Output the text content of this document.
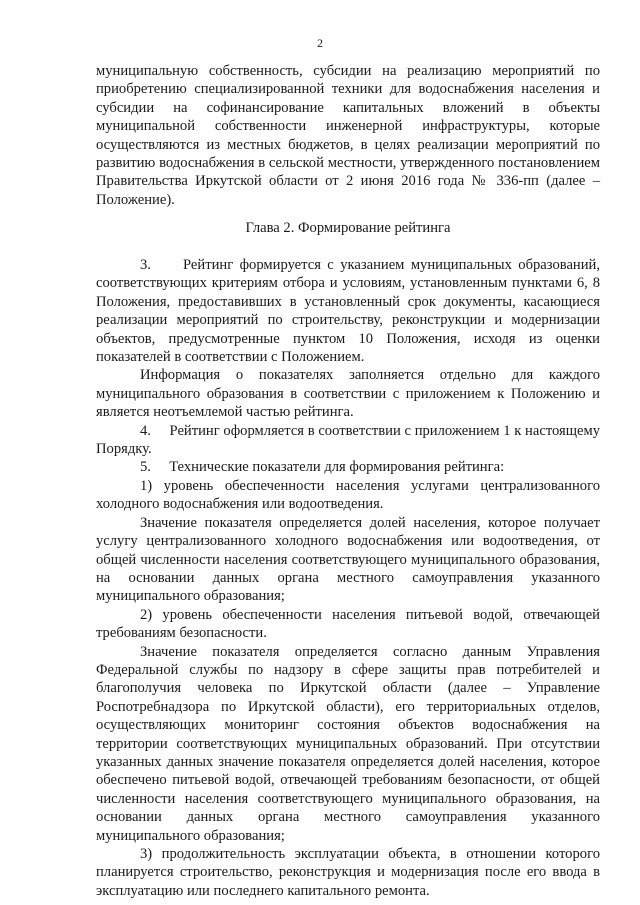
2

муниципальную собственность, субсидии на реализацию мероприятий по приобретению специализированной техники для водоснабжения населения и субсидии на софинансирование капитальных вложений в объекты муниципальной собственности инженерной инфраструктуры, которые осуществляются из местных бюджетов, в целях реализации мероприятий по развитию водоснабжения в сельской местности, утвержденного постановлением Правительства Иркутской области от 2 июня 2016 года № 336-пп (далее – Положение).

Глава 2. Формирование рейтинга

3.     Рейтинг формируется с указанием муниципальных образований, соответствующих критериям отбора и условиям, установленным пунктами 6, 8 Положения, предоставивших в установленный срок документы, касающиеся реализации мероприятий по строительству, реконструкции и модернизации объектов, предусмотренные пунктом 10 Положения, исходя из оценки показателей в соответствии с Положением.

Информация о показателях заполняется отдельно для каждого муниципального образования в соответствии с приложением к Положению и является неотъемлемой частью рейтинга.

4.     Рейтинг оформляется в соответствии с приложением 1 к настоящему Порядку.

5.     Технические показатели для формирования рейтинга:

1) уровень обеспеченности населения услугами централизованного холодного водоснабжения или водоотведения.

Значение показателя определяется долей населения, которое получает услугу централизованного холодного водоснабжения или водоотведения, от общей численности населения соответствующего муниципального образования, на основании данных органа местного самоуправления указанного муниципального образования;

2) уровень обеспеченности населения питьевой водой, отвечающей требованиям безопасности.

Значение показателя определяется согласно данным Управления Федеральной службы по надзору в сфере защиты прав потребителей и благополучия человека по Иркутской области (далее – Управление Роспотребнадзора по Иркутской области), его территориальных отделов, осуществляющих мониторинг состояния объектов водоснабжения на территории соответствующих муниципальных образований. При отсутствии указанных данных значение показателя определяется долей населения, которое обеспечено питьевой водой, отвечающей требованиям безопасности, от общей численности населения соответствующего муниципального образования, на основании данных органа местного самоуправления указанного муниципального образования;

3) продолжительность эксплуатации объекта, в отношении которого планируется строительство, реконструкция и модернизация после его ввода в эксплуатацию или последнего капитального ремонта.
